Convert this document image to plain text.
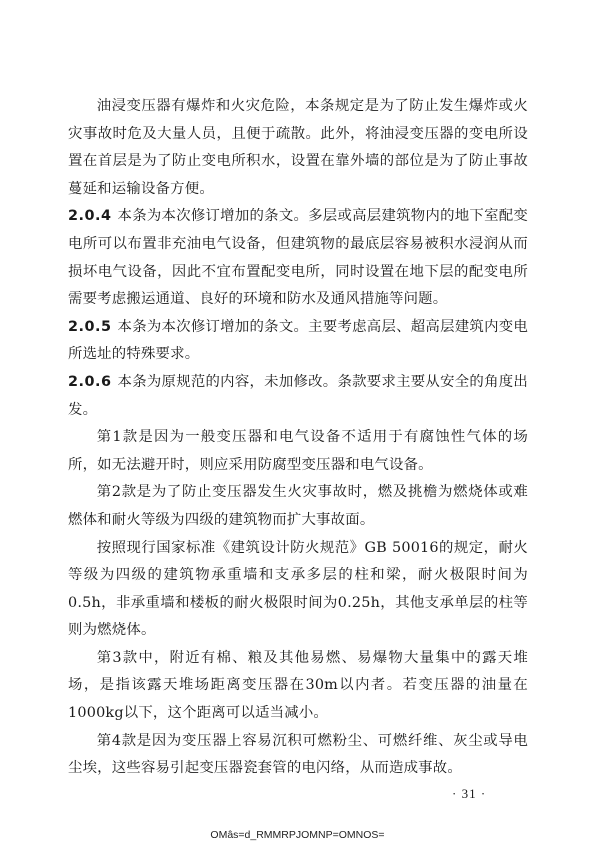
油浸变压器有爆炸和火灾危险，本条规定是为了防止发生爆炸或火灾事故时危及大量人员，且便于疏散。此外，将油浸变压器的变电所设置在首层是为了防止变电所积水，设置在靠外墙的部位是为了防止事故蔓延和运输设备方便。

2.0.4 本条为本次修订增加的条文。多层或高层建筑物内的地下室配变电所可以布置非充油电气设备，但建筑物的最底层容易被积水浸润从而损坏电气设备，因此不宜布置配变电所，同时设置在地下层的配变电所需要考虑搬运通道、良好的环境和防水及通风措施等问题。

2.0.5 本条为本次修订增加的条文。主要考虑高层、超高层建筑内变电所选址的特殊要求。

2.0.6 本条为原规范的内容，未加修改。条款要求主要从安全的角度出发。

第1款是因为一般变压器和电气设备不适用于有腐蚀性气体的场所，如无法避开时，则应采用防腐型变压器和电气设备。

第2款是为了防止变压器发生火灾事故时，燃及挑檐为燃烧体或难燃体和耐火等级为四级的建筑物而扩大事故面。

按照现行国家标准《建筑设计防火规范》GB 50016的规定，耐火等级为四级的建筑物承重墙和支承多层的柱和梁，耐火极限时间为0.5h，非承重墙和楼板的耐火极限时间为0.25h，其他支承单层的柱等则为燃烧体。

第3款中，附近有棉、粮及其他易燃、易爆物大量集中的露天堆场，是指该露天堆场距离变压器在30m以内者。若变压器的油量在1000kg以下，这个距离可以适当减小。

第4款是因为变压器上容易沉积可燃粉尘、可燃纤维、灰尘或导电尘埃，这些容易引起变压器瓷套管的电闪络，从而造成事故。

· 31 ·
OMâs=d_RMMRPJOMNP=OMNOS=
